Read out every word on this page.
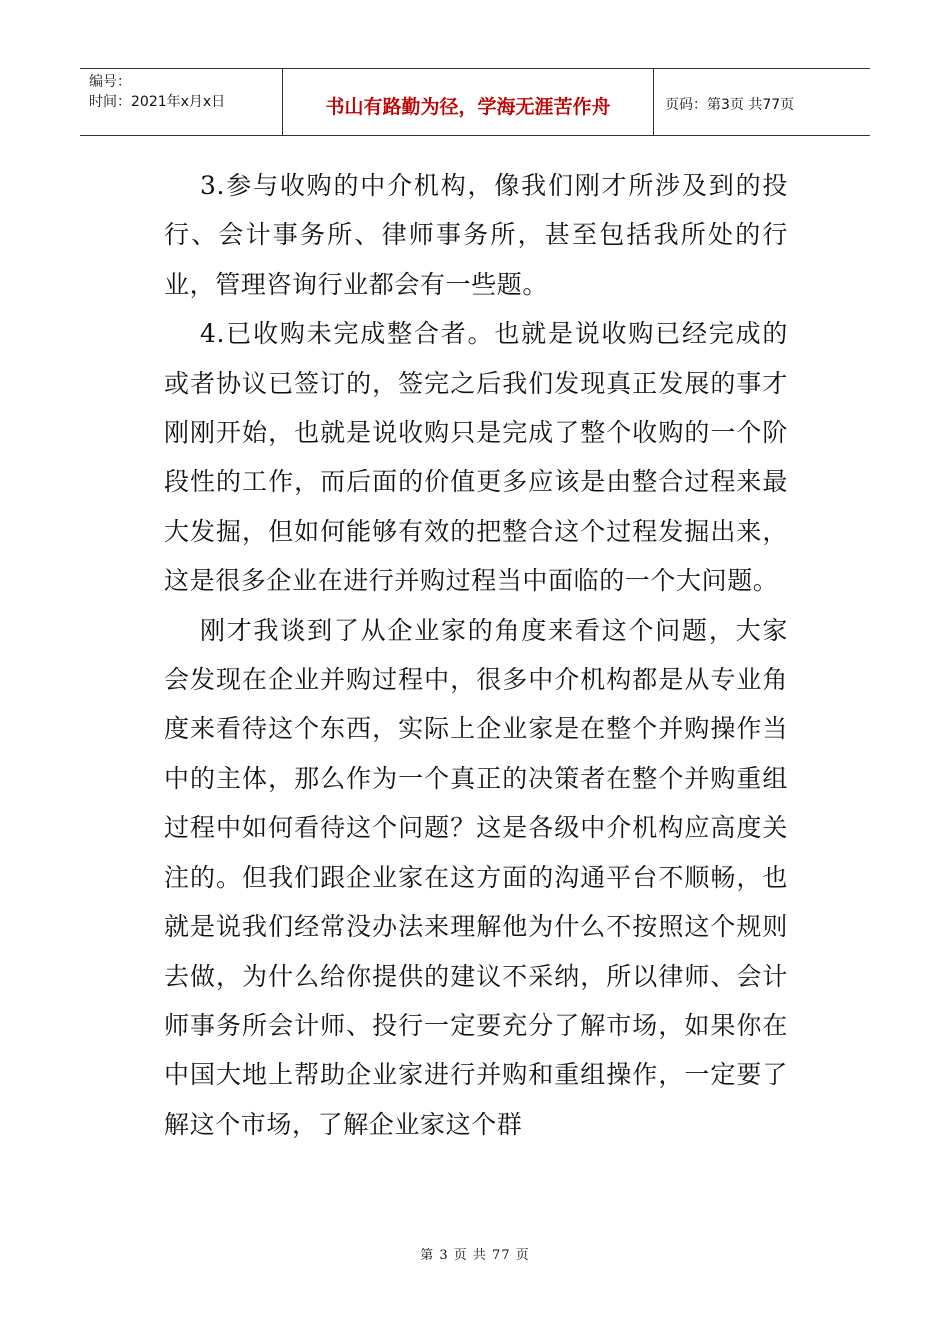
编号：
时间：2021年x月x日	书山有路勤为径，学海无涯苦作舟	页码：第3页 共77页

3.参与收购的中介机构，像我们刚才所涉及到的投行、会计事务所、律师事务所，甚至包括我所处的行业，管理咨询行业都会有一些题。

4.已收购未完成整合者。也就是说收购已经完成的或者协议已签订的，签完之后我们发现真正发展的事才刚刚开始，也就是说收购只是完成了整个收购的一个阶段性的工作，而后面的价值更多应该是由整合过程来最大发掘，但如何能够有效的把整合这个过程发掘出来，这是很多企业在进行并购过程当中面临的一个大问题。

刚才我谈到了从企业家的角度来看这个问题，大家会发现在企业并购过程中，很多中介机构都是从专业角度来看待这个东西，实际上企业家是在整个并购操作当中的主体，那么作为一个真正的决策者在整个并购重组过程中如何看待这个问题？这是各级中介机构应高度关注的。但我们跟企业家在这方面的沟通平台不顺畅，也就是说我们经常没办法来理解他为什么不按照这个规则去做，为什么给你提供的建议不采纳，所以律师、会计师事务所会计师、投行一定要充分了解市场，如果你在中国大地上帮助企业家进行并购和重组操作，一定要了解这个市场，了解企业家这个群

第 3 页 共 77 页
